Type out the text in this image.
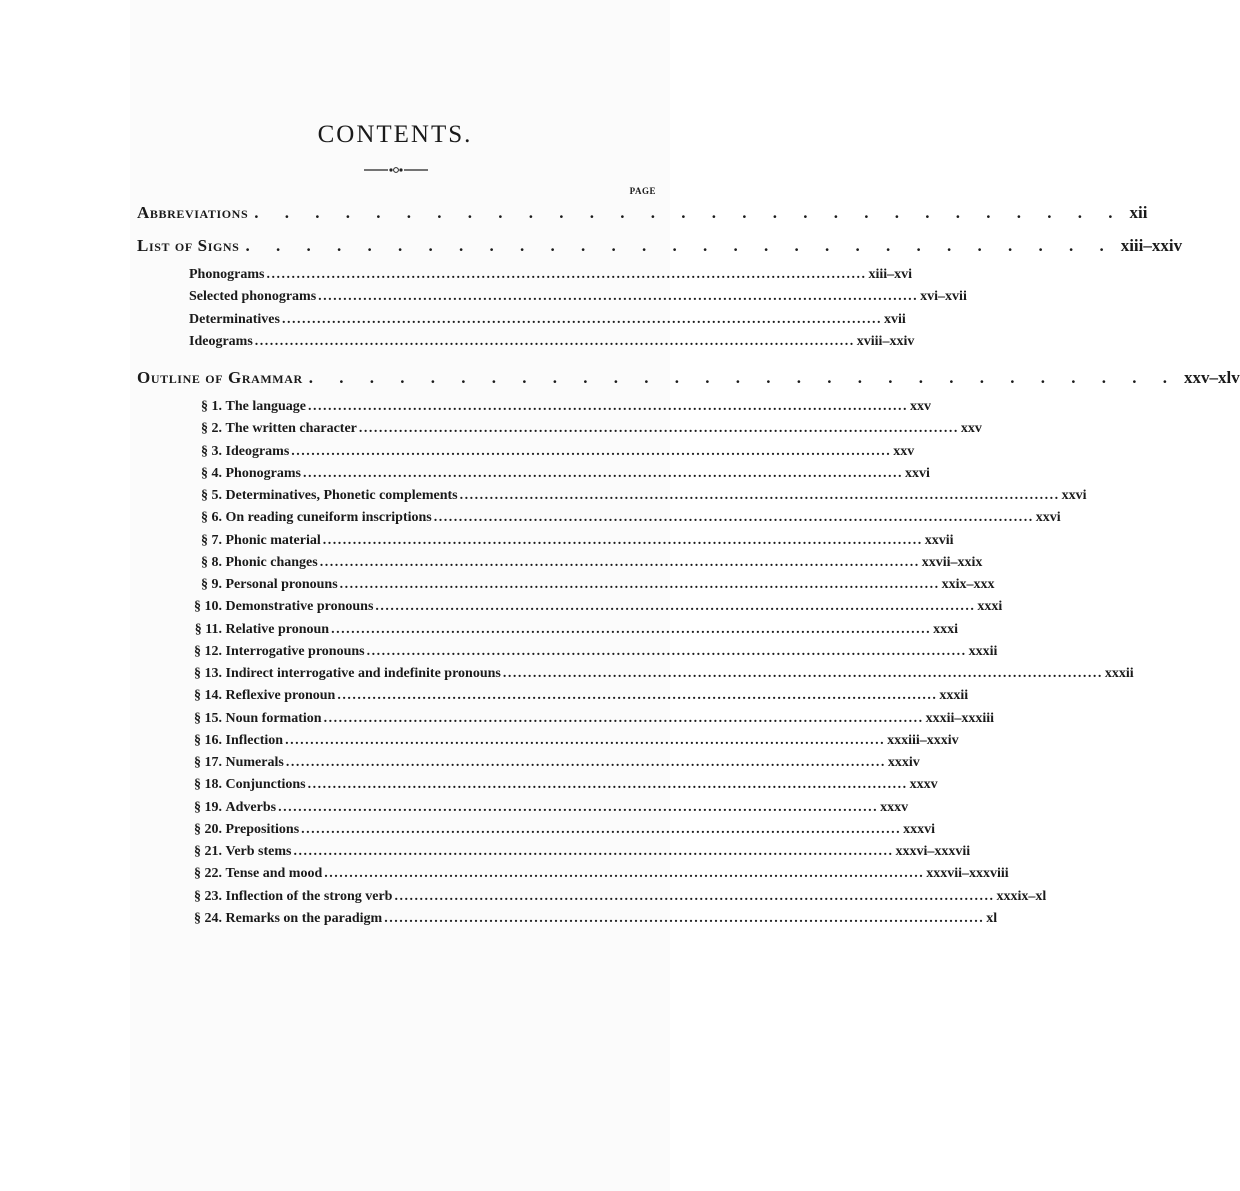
CONTENTS.
PAGE
Abbreviations . . . . . . . . . . . . . . . . . . . . . . . . . . . . . xii
List of Signs . . . . . . . . . . . . . . . . . . . . . . . . . . . . . xiii–xxiv
Phonograms ........................................................................................................................ xiii–xvi
Selected phonograms ........................................................................................................................ xvi–xvii
Determinatives ........................................................................................................................ xvii
Ideograms ........................................................................................................................ xviii–xxiv
Outline of Grammar . . . . . . . . . . . . . . . . . . . . . . . . . . . . . xxv–xlv
§ 1. The language ........................................................................................................................ xxv
§ 2. The written character ........................................................................................................................ xxv
§ 3. Ideograms ........................................................................................................................ xxv
§ 4. Phonograms ........................................................................................................................ xxvi
§ 5. Determinatives, Phonetic complements ........................................................................................................................ xxvi
§ 6. On reading cuneiform inscriptions ........................................................................................................................ xxvi
§ 7. Phonic material ........................................................................................................................ xxvii
§ 8. Phonic changes ........................................................................................................................ xxvii–xxix
§ 9. Personal pronouns ........................................................................................................................ xxix–xxx
§ 10. Demonstrative pronouns ........................................................................................................................ xxxi
§ 11. Relative pronoun ........................................................................................................................ xxxi
§ 12. Interrogative pronouns ........................................................................................................................ xxxii
§ 13. Indirect interrogative and indefinite pronouns ........................................................................................................................ xxxii
§ 14. Reflexive pronoun ........................................................................................................................ xxxii
§ 15. Noun formation ........................................................................................................................ xxxii–xxxiii
§ 16. Inflection ........................................................................................................................ xxxiii–xxxiv
§ 17. Numerals ........................................................................................................................ xxxiv
§ 18. Conjunctions ........................................................................................................................ xxxv
§ 19. Adverbs ........................................................................................................................ xxxv
§ 20. Prepositions ........................................................................................................................ xxxvi
§ 21. Verb stems ........................................................................................................................ xxxvi–xxxvii
§ 22. Tense and mood ........................................................................................................................ xxxvii–xxxviii
§ 23. Inflection of the strong verb ........................................................................................................................ xxxix–xl
§ 24. Remarks on the paradigm ........................................................................................................................ xl
